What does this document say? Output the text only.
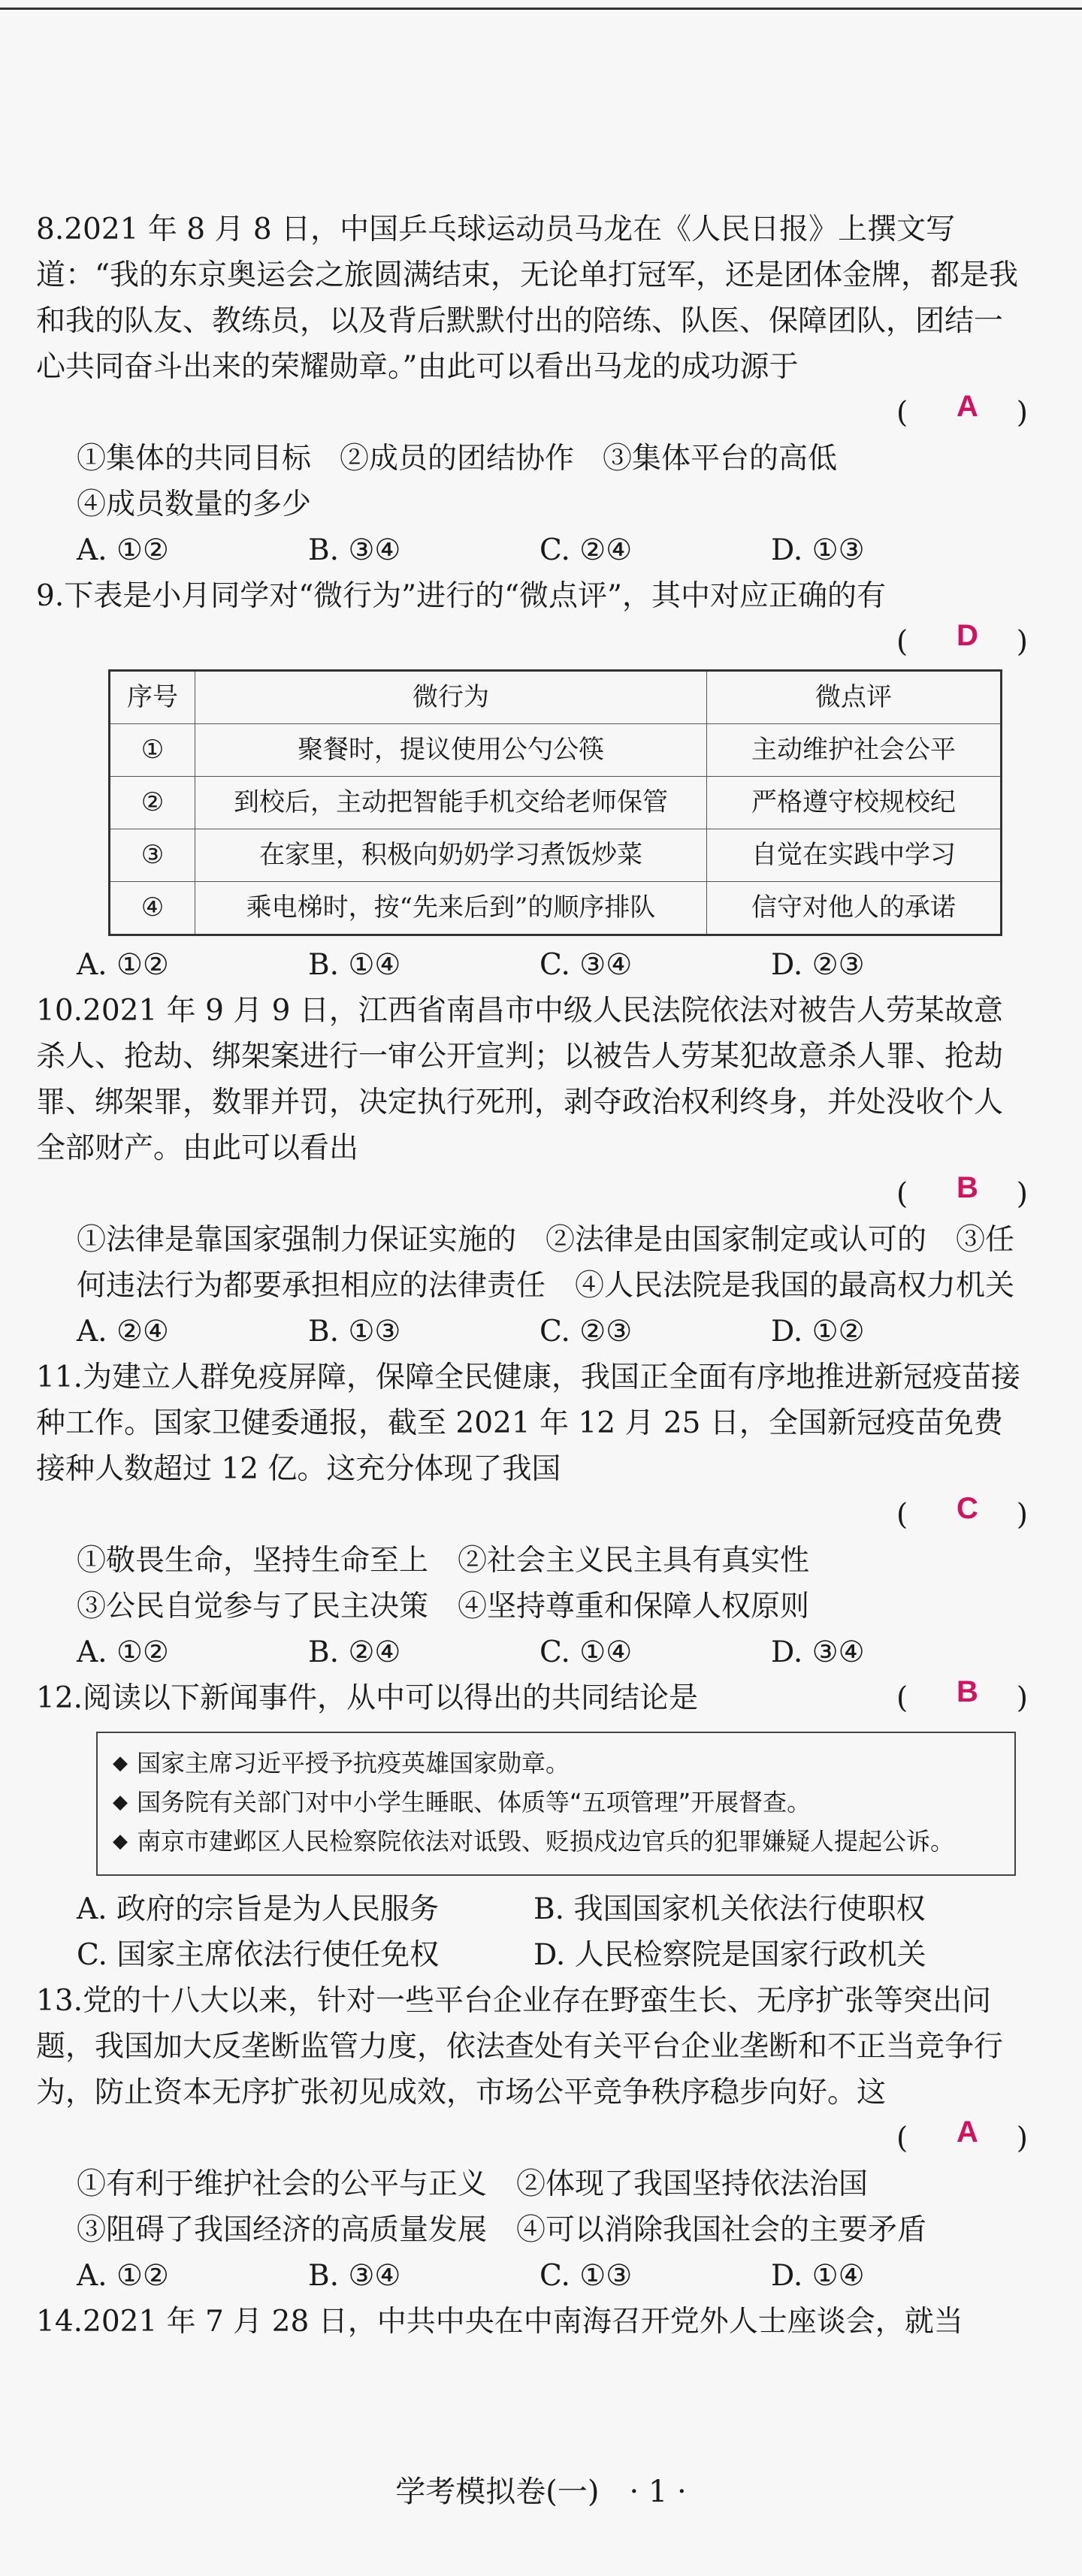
8.2021 年 8 月 8 日，中国乒乓球运动员马龙在《人民日报》上撰文写道：“我的东京奥运会之旅圆满结束，无论单打冠军，还是团体金牌，都是我和我的队友、教练员，以及背后默默付出的陪练、队医、保障团队，团结一心共同奋斗出来的荣耀勋章。”由此可以看出马龙的成功源于
( A )
①集体的共同目标 ②成员的团结协作 ③集体平台的高低
④成员数量的多少
A. ①②	B. ③④	C. ②④	D. ①③
9.下表是小月同学对“微行为”进行的“微点评”，其中对应正确的有
( D )
序号	微行为	微点评
①	聚餐时，提议使用公勺公筷	主动维护社会公平
②	到校后，主动把智能手机交给老师保管	严格遵守校规校纪
③	在家里，积极向奶奶学习煮饭炒菜	自觉在实践中学习
④	乘电梯时，按“先来后到”的顺序排队	信守对他人的承诺
A. ①②	B. ①④	C. ③④	D. ②③
10.2021 年 9 月 9 日，江西省南昌市中级人民法院依法对被告人劳某故意杀人、抢劫、绑架案进行一审公开宣判；以被告人劳某犯故意杀人罪、抢劫罪、绑架罪，数罪并罚，决定执行死刑，剥夺政治权利终身，并处没收个人全部财产。由此可以看出
( B )
①法律是靠国家强制力保证实施的　②法律是由国家制定或认可的　③任何违法行为都要承担相应的法律责任　④人民法院是我国的最高权力机关
A. ②④	B. ①③	C. ②③	D. ①②
11.为建立人群免疫屏障，保障全民健康，我国正全面有序地推进新冠疫苗接种工作。国家卫健委通报，截至 2021 年 12 月 25 日，全国新冠疫苗免费接种人数超过 12 亿。这充分体现了我国
( C )
①敬畏生命，坚持生命至上　②社会主义民主具有真实性
③公民自觉参与了民主决策　④坚持尊重和保障人权原则
A. ①②	B. ②④	C. ①④	D. ③④
12.阅读以下新闻事件，从中可以得出的共同结论是	( B )
◆ 国家主席习近平授予抗疫英雄国家勋章。
◆ 国务院有关部门对中小学生睡眠、体质等“五项管理”开展督查。
◆ 南京市建邺区人民检察院依法对诋毁、贬损戍边官兵的犯罪嫌疑人提起公诉。
A. 政府的宗旨是为人民服务	B. 我国国家机关依法行使职权
C. 国家主席依法行使任免权	D. 人民检察院是国家行政机关
13.党的十八大以来，针对一些平台企业存在野蛮生长、无序扩张等突出问题，我国加大反垄断监管力度，依法查处有关平台企业垄断和不正当竞争行为，防止资本无序扩张初见成效，市场公平竞争秩序稳步向好。这
( A )
①有利于维护社会的公平与正义　②体现了我国坚持依法治国
③阻碍了我国经济的高质量发展　④可以消除我国社会的主要矛盾
A. ①②	B. ③④	C. ①③	D. ①④
14.2021 年 7 月 28 日，中共中央在中南海召开党外人士座谈会，就当
学考模拟卷(一)　· 1 ·
